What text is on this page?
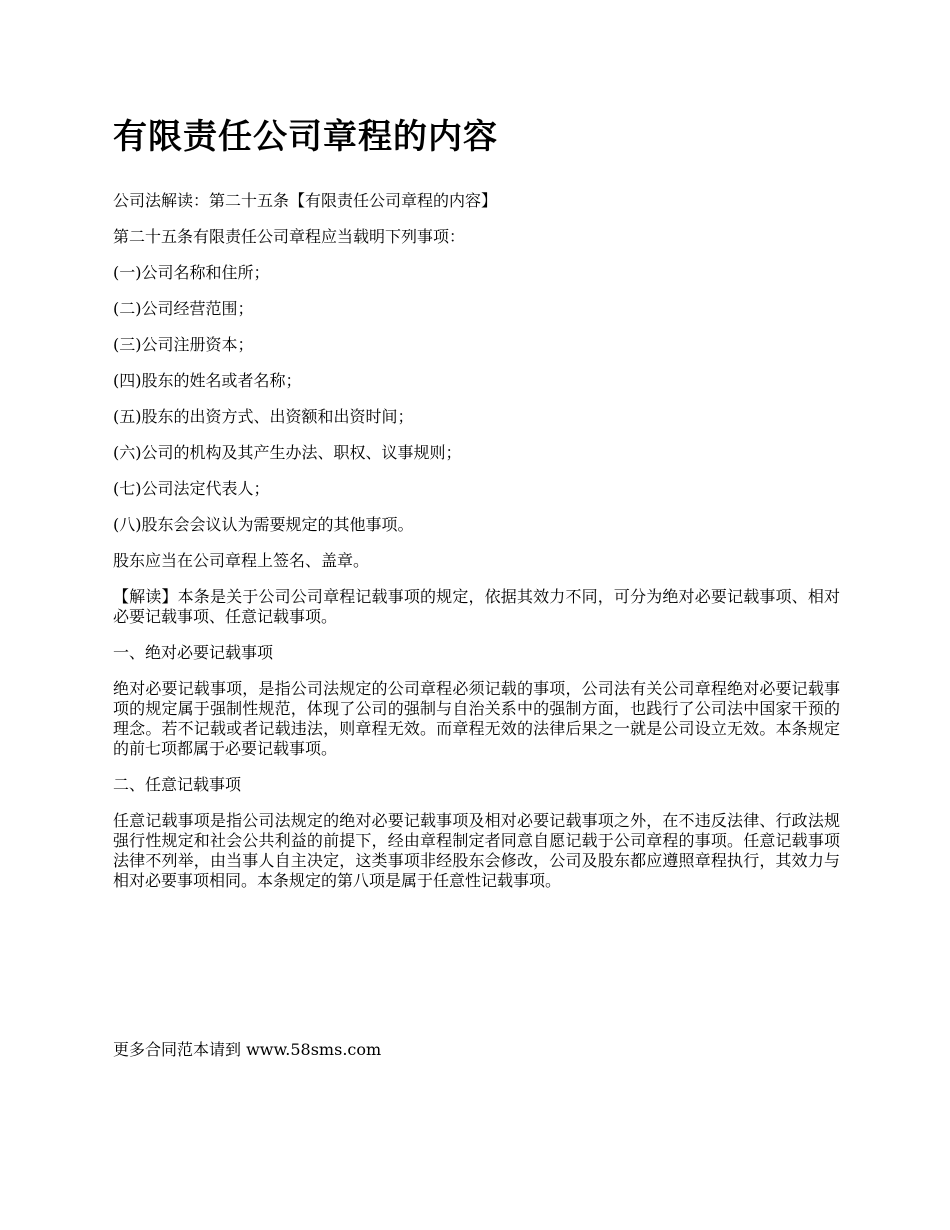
有限责任公司章程的内容

公司法解读：第二十五条【有限责任公司章程的内容】

第二十五条有限责任公司章程应当载明下列事项：

(一)公司名称和住所；

(二)公司经营范围；

(三)公司注册资本；

(四)股东的姓名或者名称；

(五)股东的出资方式、出资额和出资时间；

(六)公司的机构及其产生办法、职权、议事规则；

(七)公司法定代表人；

(八)股东会会议认为需要规定的其他事项。

股东应当在公司章程上签名、盖章。

【解读】本条是关于公司公司章程记载事项的规定，依据其效力不同，可分为绝对必要记载事项、相对必要记载事项、任意记载事项。

一、绝对必要记载事项

绝对必要记载事项，是指公司法规定的公司章程必须记载的事项，公司法有关公司章程绝对必要记载事项的规定属于强制性规范，体现了公司的强制与自治关系中的强制方面，也践行了公司法中国家干预的理念。若不记载或者记载违法，则章程无效。而章程无效的法律后果之一就是公司设立无效。本条规定的前七项都属于必要记载事项。

二、任意记载事项

任意记载事项是指公司法规定的绝对必要记载事项及相对必要记载事项之外，在不违反法律、行政法规强行性规定和社会公共利益的前提下，经由章程制定者同意自愿记载于公司章程的事项。任意记载事项法律不列举，由当事人自主决定，这类事项非经股东会修改，公司及股东都应遵照章程执行，其效力与相对必要事项相同。本条规定的第八项是属于任意性记载事项。

更多合同范本请到 www.58sms.com
